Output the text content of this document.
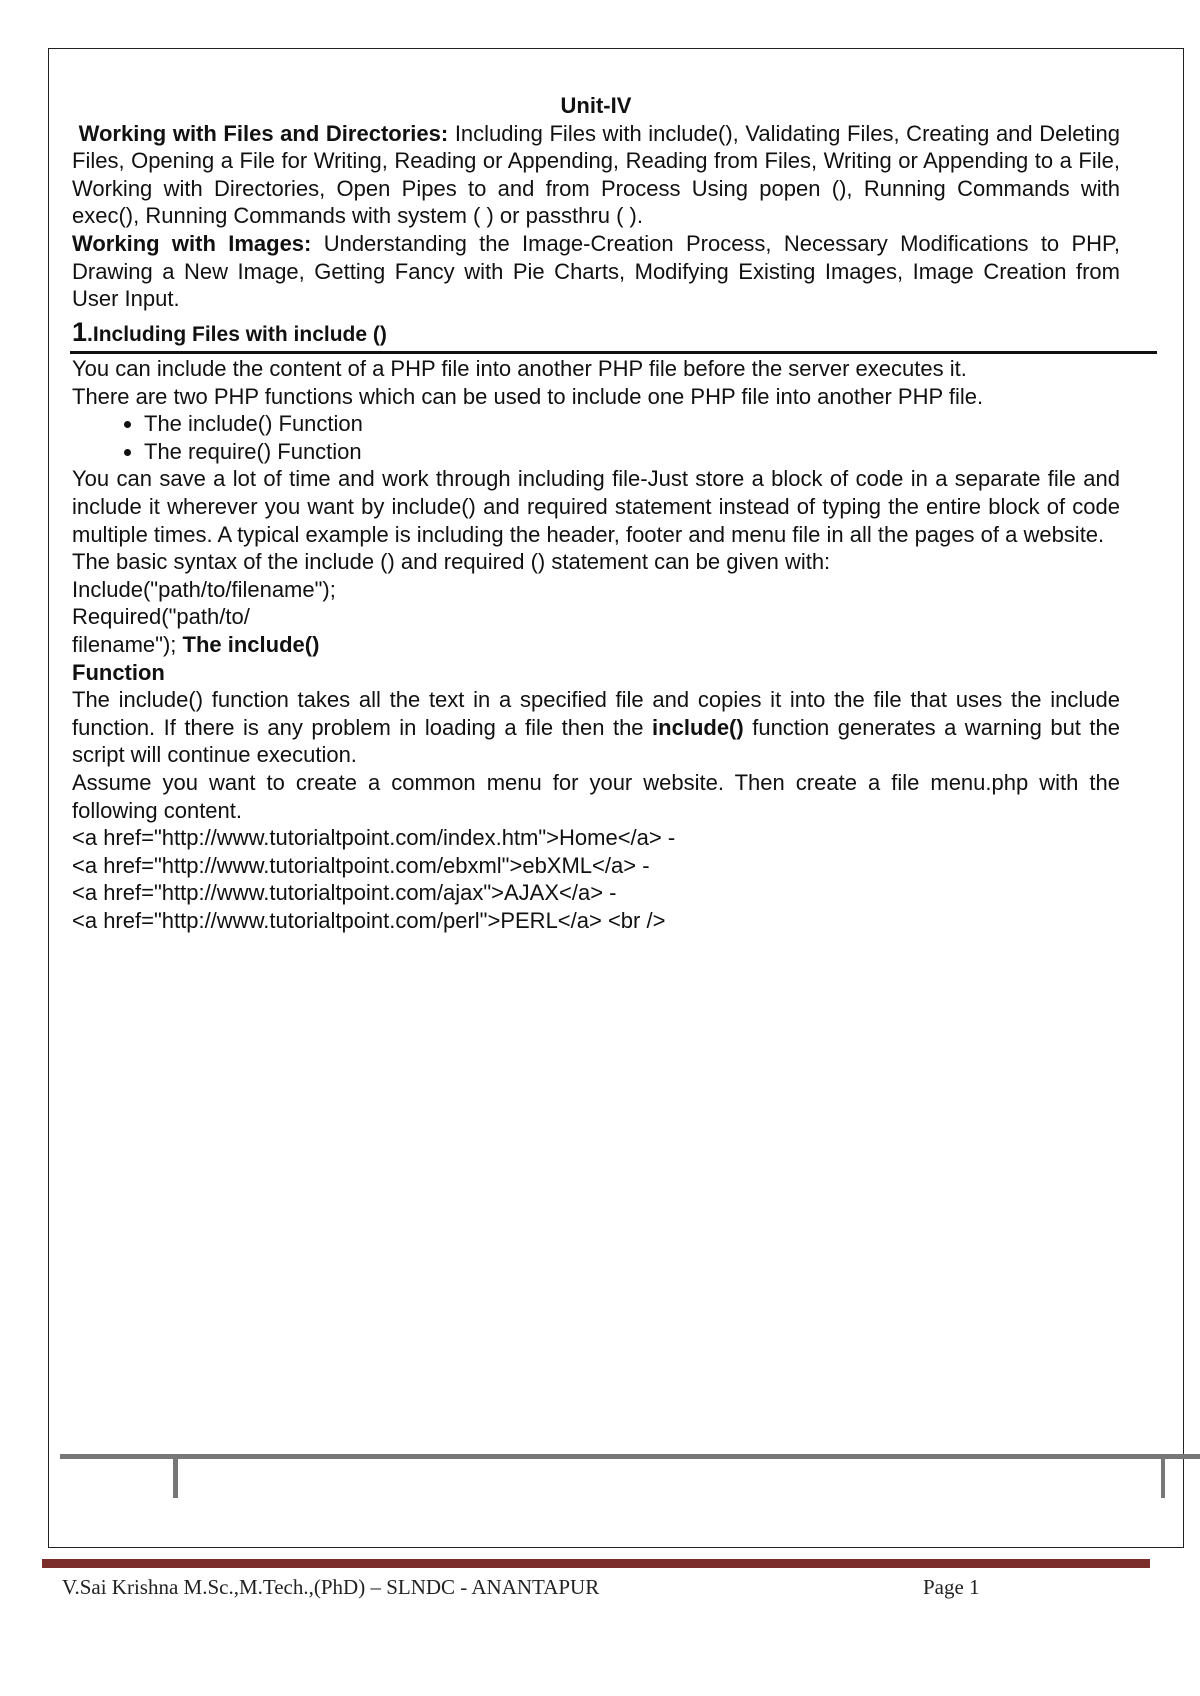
Unit-IV

Working with Files and Directories: Including Files with include(), Validating Files, Creating and Deleting Files, Opening a File for Writing, Reading or Appending, Reading from Files, Writing or Appending to a File, Working with Directories, Open Pipes to and from Process Using popen (), Running Commands with exec(), Running Commands with system ( ) or passthru ( ).

Working with Images: Understanding the Image-Creation Process, Necessary Modifications to PHP, Drawing a New Image, Getting Fancy with Pie Charts, Modifying Existing Images, Image Creation from User Input.

1.Including Files with include ()

You can include the content of a PHP file into another PHP file before the server executes it.

There are two PHP functions which can be used to include one PHP file into another PHP file.

• The include() Function
• The require() Function

You can save a lot of time and work through including file-Just store a block of code in a separate file and include it wherever you want by include() and required statement instead of typing the entire block of code multiple times. A typical example is including the header, footer and menu file in all the pages of a website.

The basic syntax of the include () and required () statement can be given with:

Include("path/to/filename");

Required("path/to/

filename"); The include()

Function

The include() function takes all the text in a specified file and copies it into the file that uses the include function. If there is any problem in loading a file then the include() function generates a warning but the script will continue execution.

Assume you want to create a common menu for your website. Then create a file menu.php with the following content.

<a href="http://www.tutorialtpoint.com/index.htm">Home</a> -

<a href="http://www.tutorialtpoint.com/ebxml">ebXML</a> -

<a href="http://www.tutorialtpoint.com/ajax">AJAX</a> -

<a href="http://www.tutorialtpoint.com/perl">PERL</a> <br />

V.Sai Krishna M.Sc.,M.Tech.,(PhD) – SLNDC - ANANTAPUR	Page 1
